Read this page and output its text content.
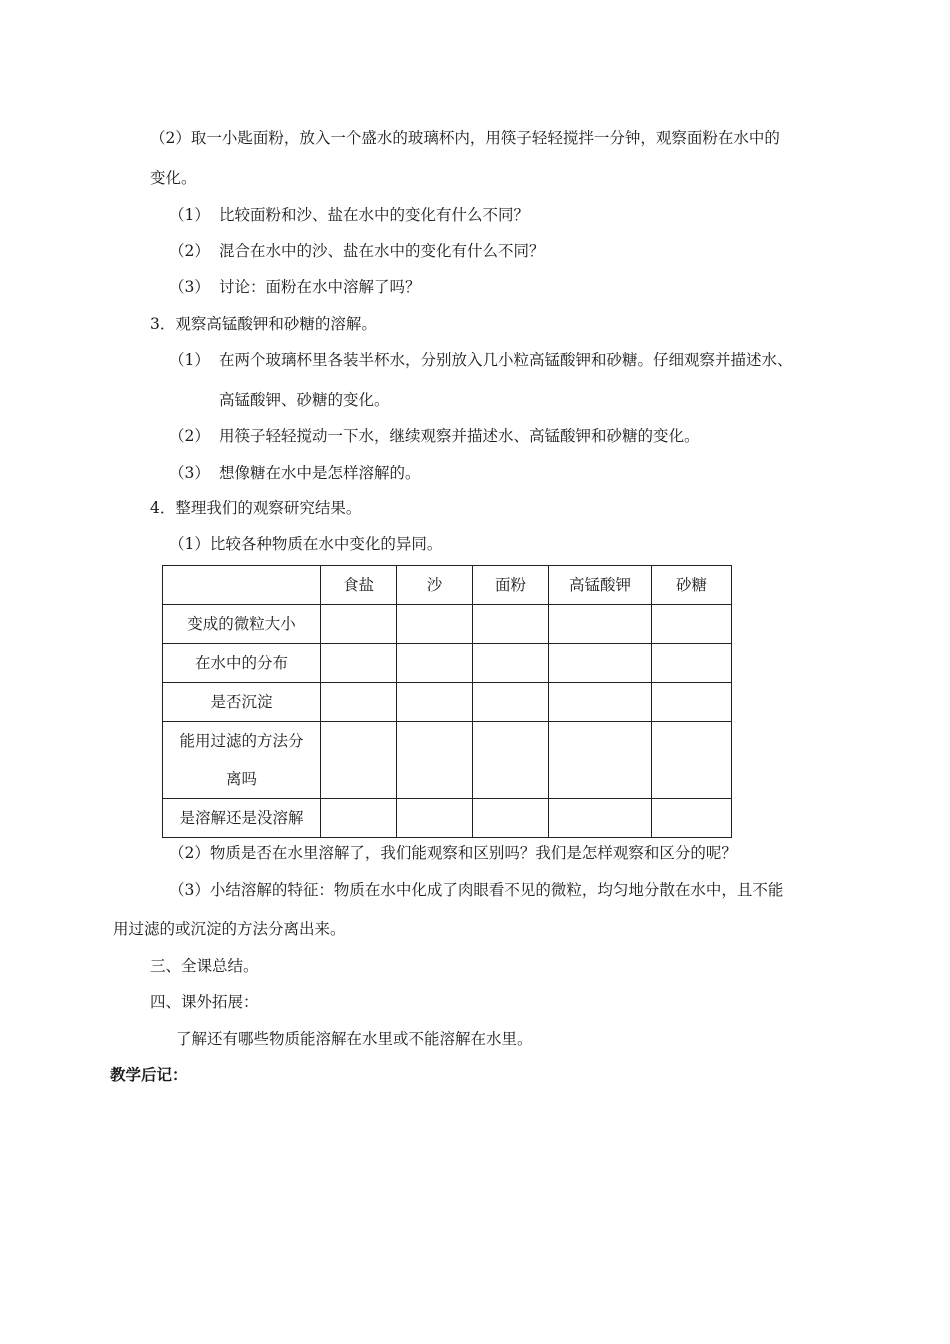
（2）取一小匙面粉，放入一个盛水的玻璃杯内，用筷子轻轻搅拌一分钟，观察面粉在水中的
变化。
（1） 比较面粉和沙、盐在水中的变化有什么不同？
（2） 混合在水中的沙、盐在水中的变化有什么不同？
（3） 讨论：面粉在水中溶解了吗？
3．观察高锰酸钾和砂糖的溶解。
（1） 在两个玻璃杯里各装半杯水，分别放入几小粒高锰酸钾和砂糖。仔细观察并描述水、
高锰酸钾、砂糖的变化。
（2） 用筷子轻轻搅动一下水，继续观察并描述水、高锰酸钾和砂糖的变化。
（3） 想像糖在水中是怎样溶解的。
4．整理我们的观察研究结果。
（1）比较各种物质在水中变化的异同。
	食盐	沙	面粉	高锰酸钾	砂糖
变成的微粒大小					
在水中的分布					
是否沉淀					

能用过滤的方法分
离吗					

是溶解还是没溶解					
（2）物质是否在水里溶解了，我们能观察和区别吗？我们是怎样观察和区分的呢？
（3）小结溶解的特征：物质在水中化成了肉眼看不见的微粒，均匀地分散在水中，且不能
用过滤的或沉淀的方法分离出来。
三、全课总结。
四、课外拓展：
了解还有哪些物质能溶解在水里或不能溶解在水里。
教学后记：
